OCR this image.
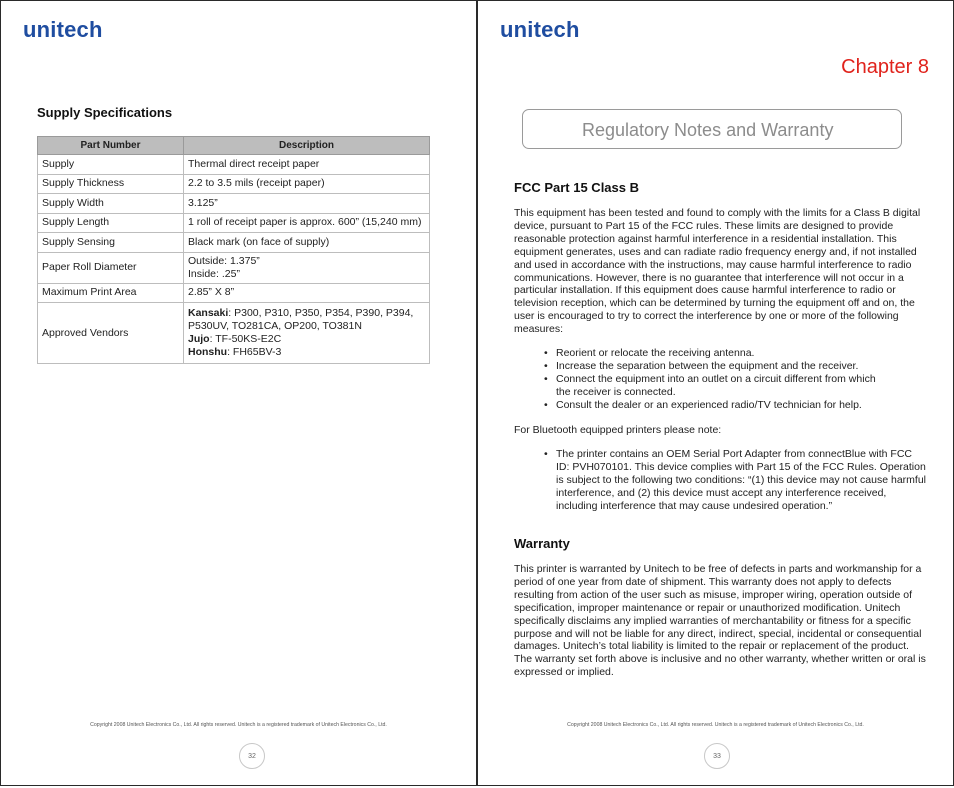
unitech
Supply Specifications
Part Number	Description
Supply	Thermal direct receipt paper
Supply Thickness	2.2 to 3.5 mils (receipt paper)
Supply Width	3.125”
Supply Length	1 roll of receipt paper is approx. 600” (15,240 mm)
Supply Sensing	Black mark (on face of supply)
Paper Roll Diameter	Outside: 1.375”
Inside: .25”
Maximum Print Area	2.85” X 8”
Approved Vendors	Kansaki: P300, P310, P350, P354, P390, P394, P530UV, TO281CA, OP200, TO381N
Jujo: TF-50KS-E2C
Honshu: FH65BV-3
Copyright 2008 Unitech Electronics Co., Ltd. All rights reserved. Unitech is a registered trademark of Unitech Electronics Co., Ltd.
32
unitech
Chapter 8
Regulatory Notes and Warranty
FCC Part 15 Class B

This equipment has been tested and found to comply with the limits for a Class B digital device, pursuant to Part 15 of the FCC rules. These limits are designed to provide reasonable protection against harmful interference in a residential installation. This equipment generates, uses and can radiate radio frequency energy and, if not installed and used in accordance with the instructions, may cause harmful interference to radio communications. However, there is no guarantee that interference will not occur in a particular installation. If this equipment does cause harmful interference to radio or television reception, which can be determined by turning the equipment off and on, the user is encouraged to try to correct the interference by one or more of the following measures:

• Reorient or relocate the receiving antenna.
• Increase the separation between the equipment and the receiver.
• Connect the equipment into an outlet on a circuit different from which
the receiver is connected.
• Consult the dealer or an experienced radio/TV technician for help.

For Bluetooth equipped printers please note:

• The printer contains an OEM Serial Port Adapter from connectBlue with FCC ID: PVH070101. This device complies with Part 15 of the FCC Rules. Operation is subject to the following two conditions: “(1) this device may not cause harmful interference, and (2) this device must accept any interference received, including interference that may cause undesired operation.”
Warranty

This printer is warranted by Unitech to be free of defects in parts and workmanship for a period of one year from date of shipment. This warranty does not apply to defects resulting from action of the user such as misuse, improper wiring, operation outside of specification, improper maintenance or repair or unauthorized modification. Unitech specifically disclaims any implied warranties of merchantability or fitness for a specific purpose and will not be liable for any direct, indirect, special, incidental or consequential damages. Unitech’s total liability is limited to the repair or replacement of the product. The warranty set forth above is inclusive and no other warranty, whether written or oral is expressed or implied.

Copyright 2008 Unitech Electronics Co., Ltd. All rights reserved. Unitech is a registered trademark of Unitech Electronics Co., Ltd.
33
